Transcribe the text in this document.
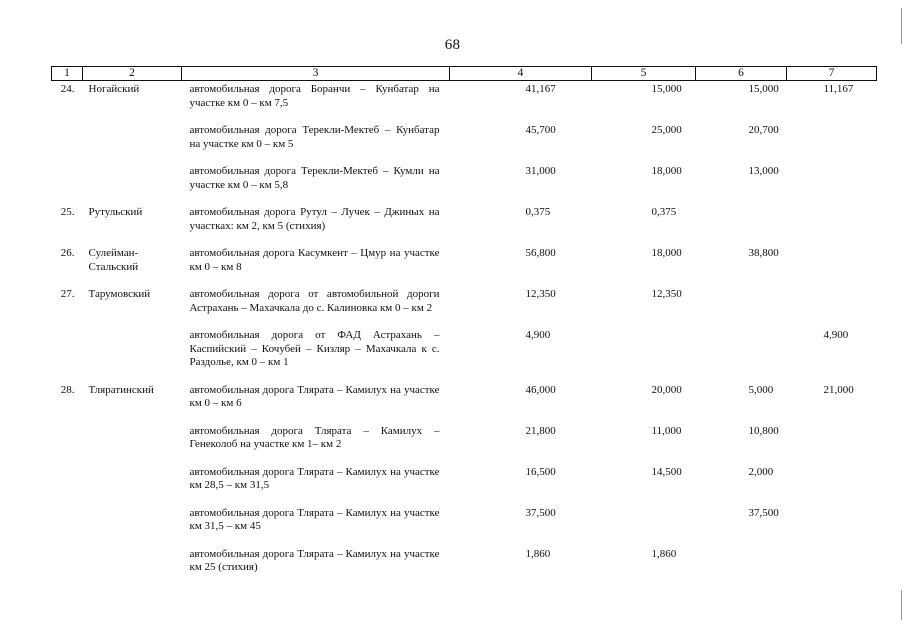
68
1	2	3	4	5	6	7
24.	Ногайский	автомобильная дорога Боранчи – Кунбатар на участке км 0 – км 7,5	41,167	15,000	15,000	11,167
		автомобильная дорога Терекли-Мектеб – Кунбатар на участке км 0 – км 5	45,700	25,000	20,700	
		автомобильная дорога Терекли-Мектеб – Кумли на участке км 0 – км 5,8	31,000	18,000	13,000	
25.	Рутульский	автомобильная дорога Рутул – Лучек – Джиных на участках: км 2, км 5 (стихия)	0,375	0,375		
26.	Сулейман-Стальский	автомобильная дорога Касумкент – Цмур на участке км 0 – км 8	56,800	18,000	38,800	
27.	Тарумовский	автомобильная дорога от автомобильной дороги Астрахань – Махачкала до с. Калиновка км 0 – км 2	12,350	12,350		
		автомобильная дорога от ФАД Астрахань – Каспийский – Кочубей – Кизляр – Махачкала к с. Раздолье, км 0 – км 1	4,900			4,900
28.	Тляратинский	автомобильная дорога Тлярата – Камилух на участке км 0 – км 6	46,000	20,000	5,000	21,000
		автомобильная дорога Тлярата – Камилух – Генеколоб на участке км 1– км 2	21,800	11,000	10,800	
		автомобильная дорога Тлярата – Камилух на участке км 28,5 – км 31,5	16,500	14,500	2,000	
		автомобильная дорога Тлярата – Камилух на участке км 31,5 – км 45	37,500		37,500	
		автомобильная дорога Тлярата – Камилух на участке км 25 (стихия)	1,860	1,860		
